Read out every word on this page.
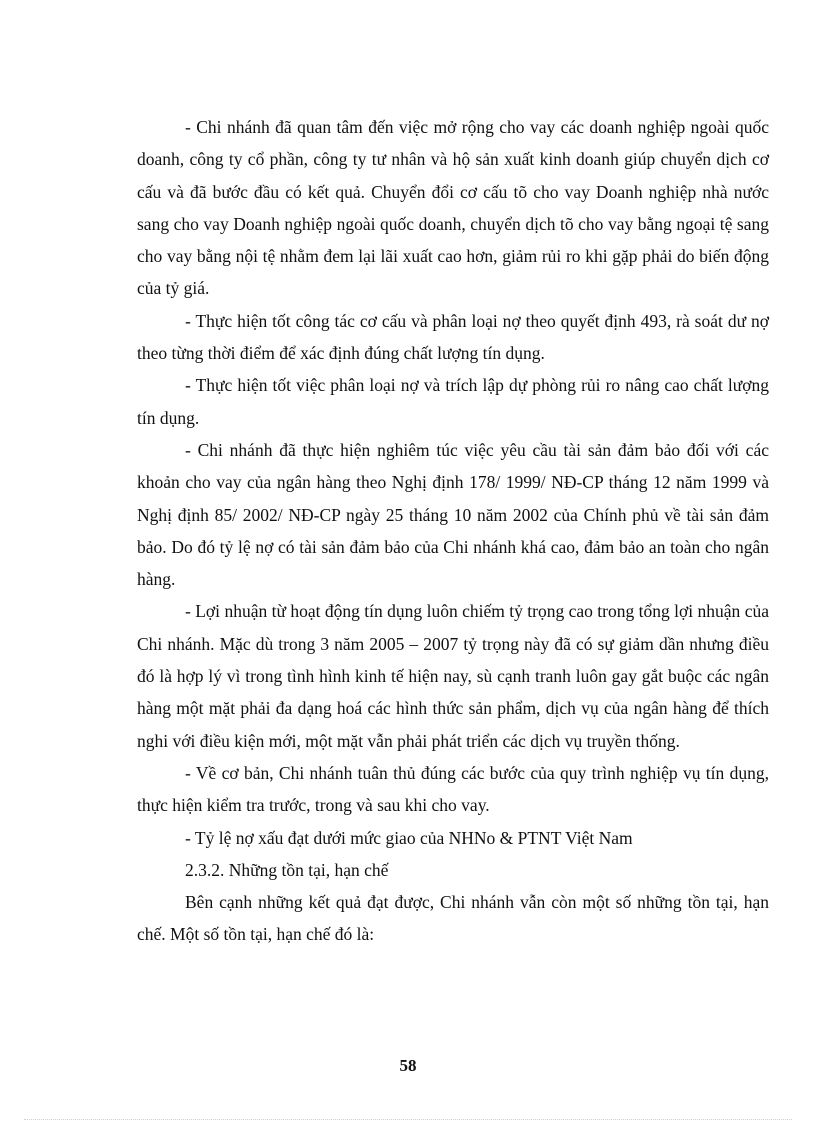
- Chi nhánh đã quan tâm đến việc mở rộng cho vay các doanh nghiệp ngoài quốc doanh, công ty cổ phần, công ty tư nhân và hộ sản xuất kinh doanh giúp chuyển dịch cơ cấu và đã bước đầu có kết quả. Chuyển đổi cơ cấu tõ cho vay Doanh nghiệp nhà nước sang cho vay Doanh nghiệp ngoài quốc doanh, chuyển dịch tõ cho vay bằng ngoại tệ sang cho vay bằng nội tệ nhằm đem lại lãi xuất cao hơn, giảm rủi ro khi gặp phải do biến động của tỷ giá.

- Thực hiện tốt công tác cơ cấu và phân loại nợ theo quyết định 493, rà soát dư nợ theo từng thời điểm để xác định đúng chất lượng tín dụng.

- Thực hiện tốt việc phân loại nợ và trích lập dự phòng rủi ro nâng cao chất lượng tín dụng.

- Chi nhánh đã thực hiện nghiêm túc việc yêu cầu tài sản đảm bảo đối với các khoản cho vay của ngân hàng theo Nghị định 178/ 1999/ NĐ-CP tháng 12 năm 1999 và Nghị định 85/ 2002/ NĐ-CP ngày 25 tháng 10 năm 2002 của Chính phủ về tài sản đảm bảo. Do đó tỷ lệ nợ có tài sản đảm bảo của Chi nhánh khá cao, đảm bảo an toàn cho ngân hàng.

- Lợi nhuận từ hoạt động tín dụng luôn chiếm tỷ trọng cao trong tổng lợi nhuận của Chi nhánh. Mặc dù trong 3 năm 2005 – 2007 tỷ trọng này đã có sự giảm dần nhưng điều đó là hợp lý vì trong tình hình kinh tế hiện nay, sù cạnh tranh luôn gay gắt buộc các ngân hàng một mặt phải đa dạng hoá các hình thức sản phẩm, dịch vụ của ngân hàng để thích nghi với điều kiện mới, một mặt vẫn phải phát triển các dịch vụ truyền thống.

- Về cơ bản, Chi nhánh tuân thủ đúng các bước của quy trình nghiệp vụ tín dụng, thực hiện kiểm tra trước, trong và sau khi cho vay.

- Tỷ lệ nợ xấu đạt dưới mức giao của NHNo & PTNT Việt Nam

2.3.2. Những tồn tại, hạn chế

Bên cạnh những kết quả đạt được, Chi nhánh vẫn còn một số những tồn tại, hạn chế. Một số tồn tại, hạn chế đó là:

58
